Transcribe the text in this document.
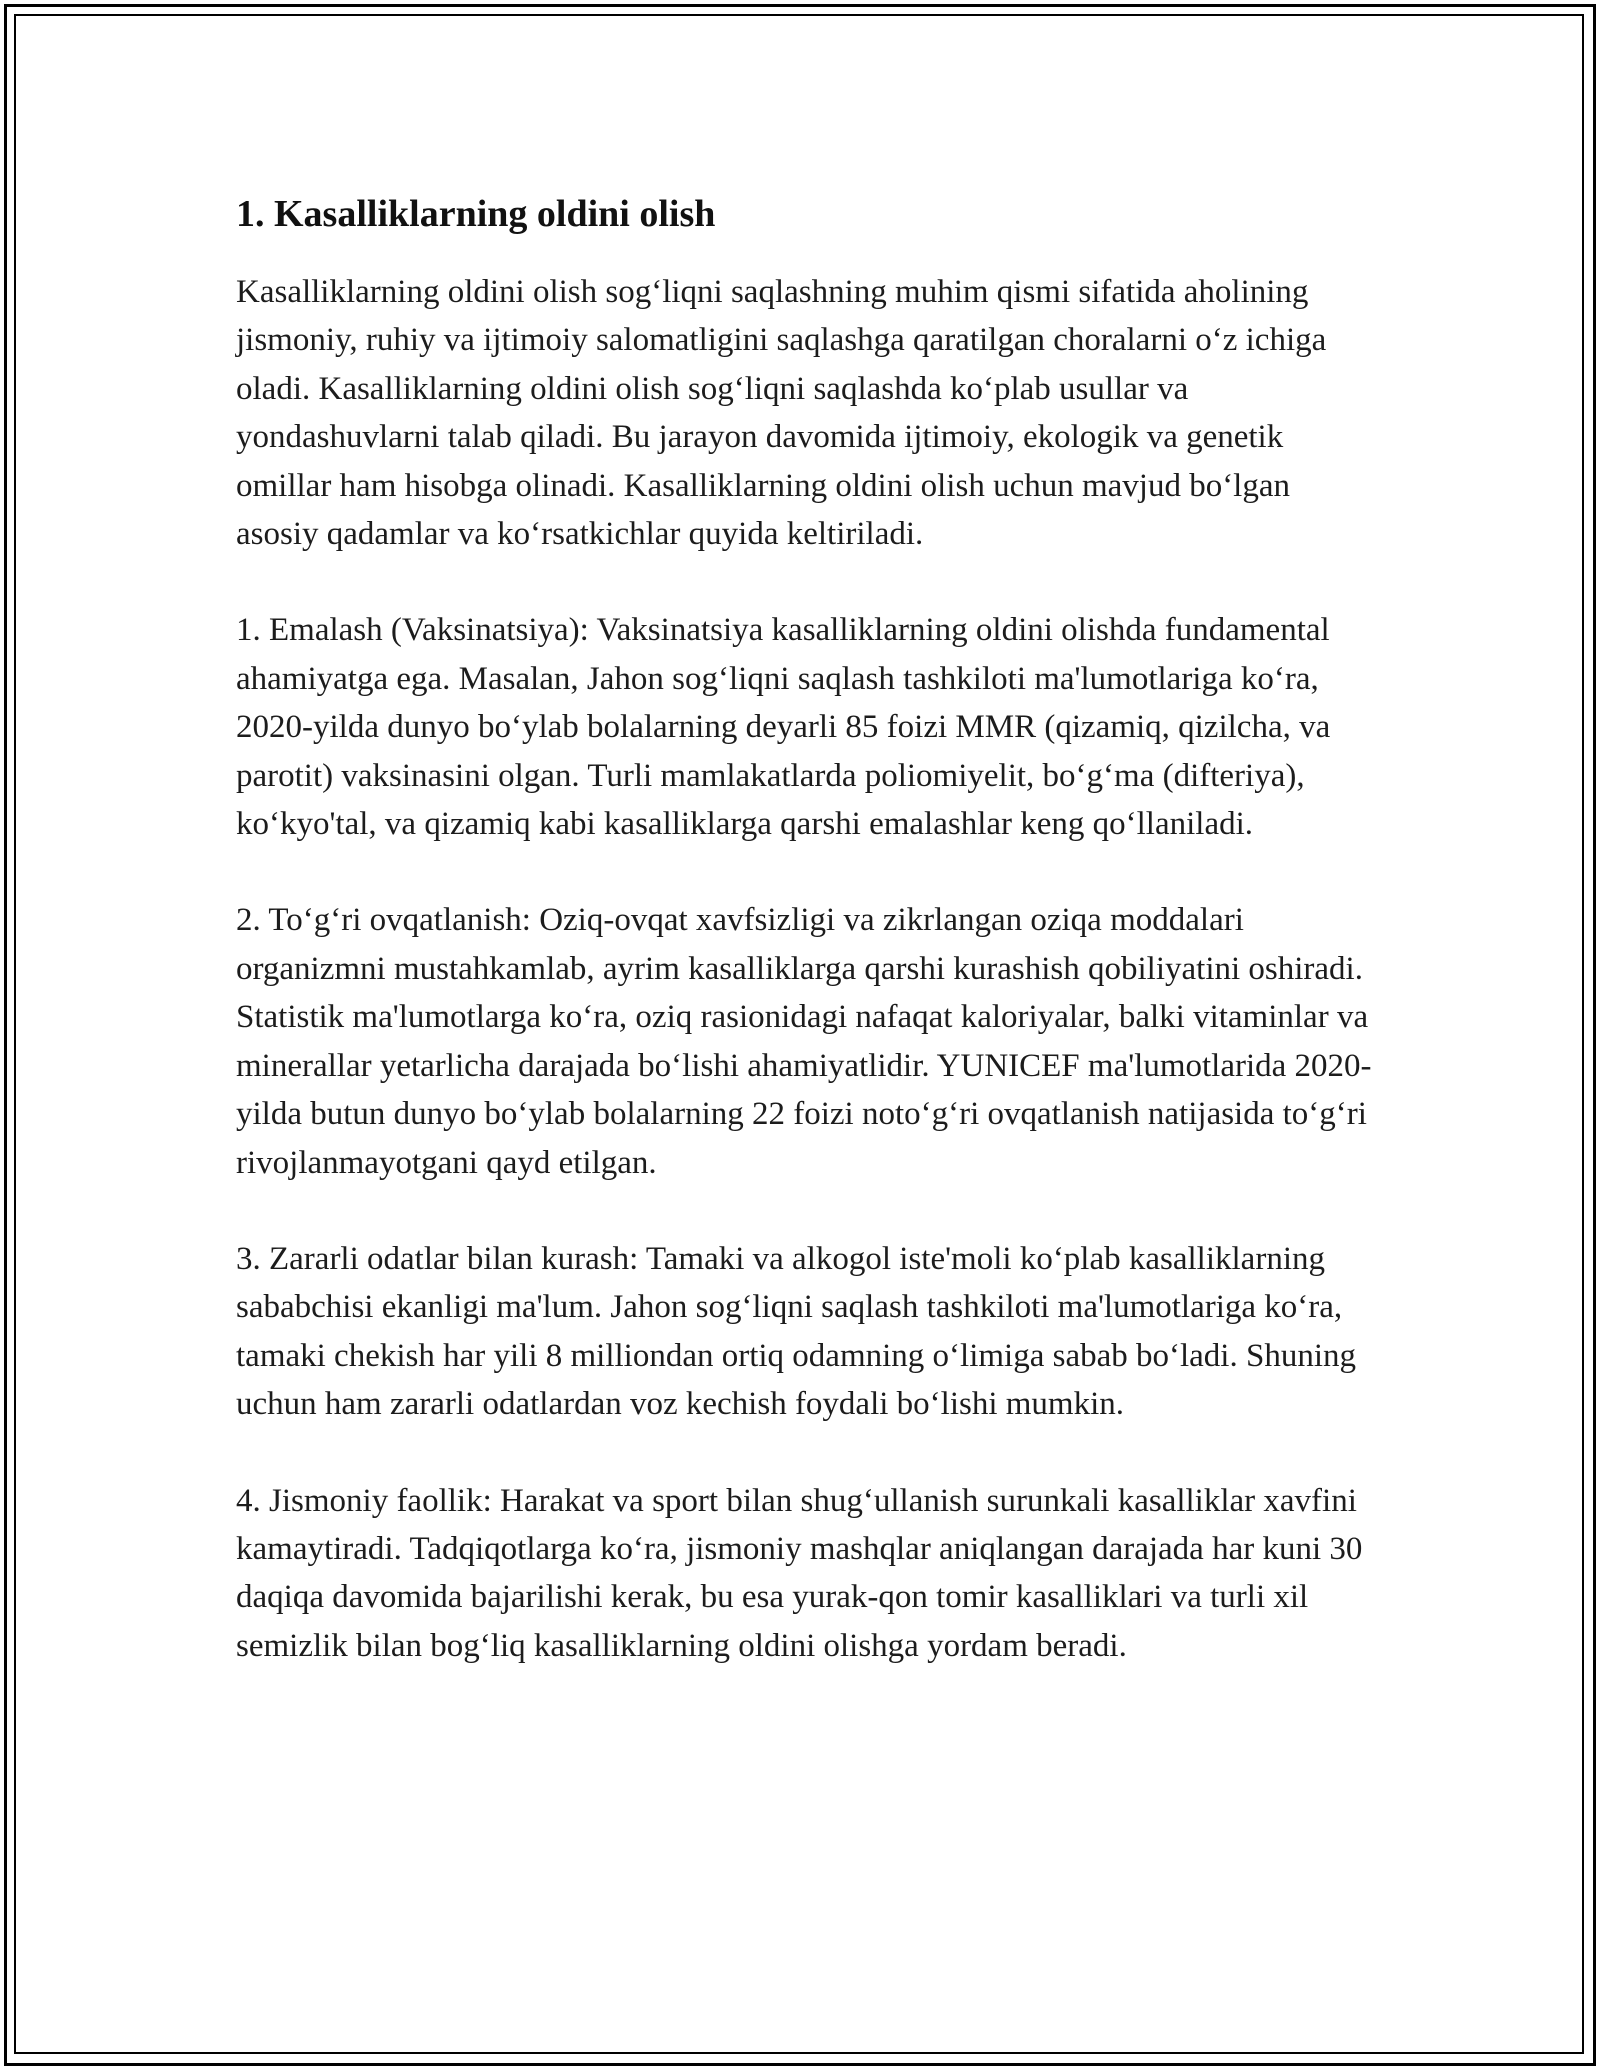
1. Kasalliklarning oldini olish

Kasalliklarning oldini olish sog‘liqni saqlashning muhim qismi sifatida aholining jismoniy, ruhiy va ijtimoiy salomatligini saqlashga qaratilgan choralarni o‘z ichiga oladi. Kasalliklarning oldini olish sog‘liqni saqlashda ko‘plab usullar va yondashuvlarni talab qiladi. Bu jarayon davomida ijtimoiy, ekologik va genetik omillar ham hisobga olinadi. Kasalliklarning oldini olish uchun mavjud bo‘lgan asosiy qadamlar va ko‘rsatkichlar quyida keltiriladi.

1. Emalash (Vaksinatsiya): Vaksinatsiya kasalliklarning oldini olishda fundamental ahamiyatga ega. Masalan, Jahon sog‘liqni saqlash tashkiloti ma'lumotlariga ko‘ra, 2020-yilda dunyo bo‘ylab bolalarning deyarli 85 foizi MMR (qizamiq, qizilcha, va parotit) vaksinasini olgan. Turli mamlakatlarda poliomiyelit, bo‘g‘ma (difteriya), ko‘kyo'tal, va qizamiq kabi kasalliklarga qarshi emalashlar keng qo‘llaniladi.

2. To‘g‘ri ovqatlanish: Oziq-ovqat xavfsizligi va zikrlangan oziqa moddalari organizmni mustahkamlab, ayrim kasalliklarga qarshi kurashish qobiliyatini oshiradi. Statistik ma'lumotlarga ko‘ra, oziq rasionidagi nafaqat kaloriyalar, balki vitaminlar va minerallar yetarlicha darajada bo‘lishi ahamiyatlidir. YUNICEF ma'lumotlarida 2020-yilda butun dunyo bo‘ylab bolalarning 22 foizi noto‘g‘ri ovqatlanish natijasida to‘g‘ri rivojlanmayotgani qayd etilgan.

3. Zararli odatlar bilan kurash: Tamaki va alkogol iste'moli ko‘plab kasalliklarning sababchisi ekanligi ma'lum. Jahon sog‘liqni saqlash tashkiloti ma'lumotlariga ko‘ra, tamaki chekish har yili 8 milliondan ortiq odamning o‘limiga sabab bo‘ladi. Shuning uchun ham zararli odatlardan voz kechish foydali bo‘lishi mumkin.

4. Jismoniy faollik: Harakat va sport bilan shug‘ullanish surunkali kasalliklar xavfini kamaytiradi. Tadqiqotlarga ko‘ra, jismoniy mashqlar aniqlangan darajada har kuni 30 daqiqa davomida bajarilishi kerak, bu esa yurak-qon tomir kasalliklari va turli xil semizlik bilan bog‘liq kasalliklarning oldini olishga yordam beradi.
